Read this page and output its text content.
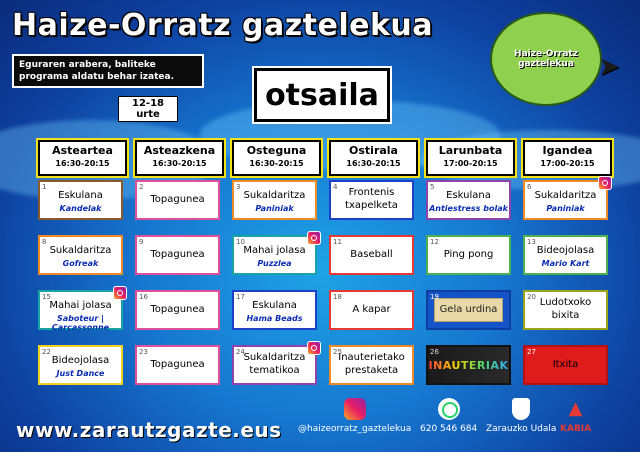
Haize-Orratz gaztelekua
Eguraren arabera, baliteke programa aldatu behar izatea.
12-18 urte
otsaila
Haize-Orratz
gaztelekua ➤
Asteartea
16:30-20:15
Asteazkena
16:30-20:15
Osteguna
16:30-20:15
Ostirala
16:30-20:15
Larunbata
17:00-20:15
Igandea
17:00-20:15
1
Eskulana
Kandelak
2
Topagunea
3
Sukaldaritza
Paniniak
4	Frontenis
txapelketa
5
Eskulana
Antiestress bolak
6
Sukaldaritza
Paniniak
8
Sukaldaritza
Gofreak
9
Topagunea
10
Mahai jolasa
Puzzlea
11
Baseball
12
Ping pong
13
Bideojolasa
Mario Kart
15
Mahai jolasa
Saboteur | Carcassonne
16
Topagunea
17
Eskulana
Hama Beads
18
A kapar
19
Gela urdina
20 Ludotxoko
bixita
22
Bideojolasa
Just Dance
23
Topagunea
24
Sukaldaritza
tematikoa
25
Inauterietako
prestaketa
26
INAUTERIAK
27
Itxita
www.zarautzgazte.eus @haizeorratz_gaztelekua 620 546 684 Zarauzko Udala
▲
KABIA
